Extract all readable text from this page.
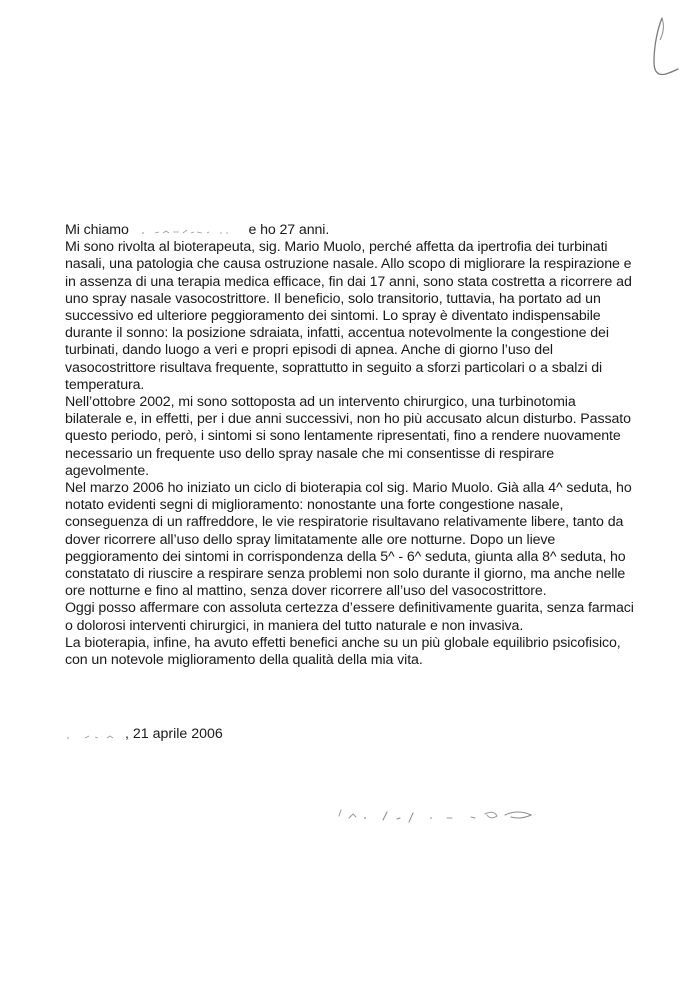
Mi chiamo	e ho 27 anni.

Mi sono rivolta al bioterapeuta, sig. Mario Muolo, perché affetta da ipertrofia dei turbinati nasali, una patologia che causa ostruzione nasale. Allo scopo di migliorare la respirazione e in assenza di una terapia medica efficace, fin dai 17 anni, sono stata costretta a ricorrere ad uno spray nasale vasocostrittore. Il beneficio, solo transitorio, tuttavia, ha portato ad un successivo ed ulteriore peggioramento dei sintomi. Lo spray è diventato indispensabile durante il sonno: la posizione sdraiata, infatti, accentua notevolmente la congestione dei turbinati, dando luogo a veri e propri episodi di apnea. Anche di giorno l’uso del vasocostrittore risultava frequente, soprattutto in seguito a sforzi particolari o a sbalzi di temperatura.

Nell’ottobre 2002, mi sono sottoposta ad un intervento chirurgico, una turbinotomia bilaterale e, in effetti, per i due anni successivi, non ho più accusato alcun disturbo. Passato questo periodo, però, i sintomi si sono lentamente ripresentati, fino a rendere nuovamente necessario un frequente uso dello spray nasale che mi consentisse di respirare agevolmente.

Nel marzo 2006 ho iniziato un ciclo di bioterapia col sig. Mario Muolo. Già alla 4^ seduta, ho notato evidenti segni di miglioramento: nonostante una forte congestione nasale, conseguenza di un raffreddore, le vie respiratorie risultavano relativamente libere, tanto da dover ricorrere all’uso dello spray limitatamente alle ore notturne. Dopo un lieve peggioramento dei sintomi in corrispondenza della 5^ - 6^ seduta, giunta alla 8^ seduta, ho constatato di riuscire a respirare senza problemi non solo durante il giorno, ma anche nelle ore notturne e fino al mattino, senza dover ricorrere all’uso del vasocostrittore.

Oggi posso affermare con assoluta certezza d’essere definitivamente guarita, senza farmaci o dolorosi interventi chirurgici, in maniera del tutto naturale e non invasiva.

La bioterapia, infine, ha avuto effetti benefici anche su un più globale equilibrio psicofisico, con un notevole miglioramento della qualità della mia vita.

, 21 aprile 2006
